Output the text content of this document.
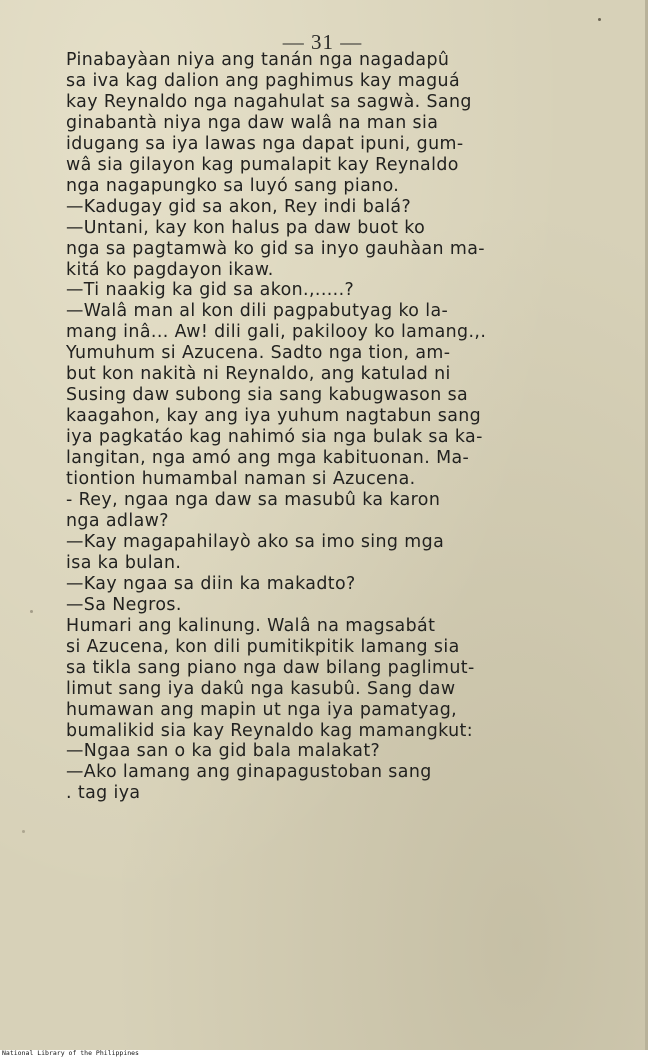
— 31 —
Pinabayàan niya ang tanán nga nagadapû
sa iva kag dalion ang paghimus kay maguá
kay Reynaldo nga nagahulat sa sagwà. Sang
ginabantà niya nga daw walâ na man sia
idugang sa iya lawas nga dapat ipuni, gum-
wâ sia gilayon kag pumalapit kay Reynaldo
nga nagapungko sa luyó sang piano.
—Kadugay gid sa akon, Rey indi balá?
—Untani, kay kon halus pa daw buot ko
nga sa pagtamwà ko gid sa inyo gauhàan ma-
kitá ko pagdayon ikaw.
—Ti naakig ka gid sa akon.,.....?
—Walâ man al kon dili pagpabutyag ko la-
mang inâ... Aw! dili gali, pakilooy ko lamang.,.
Yumuhum si Azucena. Sadto nga tion, am-
but kon nakità ni Reynaldo, ang katulad ni
Susing daw subong sia sang kabugwason sa
kaagahon, kay ang iya yuhum nagtabun sang
iya pagkatáo kag nahimó sia nga bulak sa ka-
langitan, nga amó ang mga kabituonan. Ma-
tiontion humambal naman si Azucena.
- Rey, ngaa nga daw sa masubû ka karon
nga adlaw?
—Kay magapahilayò ako sa imo sing mga
isa ka bulan.
—Kay ngaa sa diin ka makadto?
—Sa Negros.
Humari ang kalinung. Walâ na magsabát
si Azucena, kon dili pumitikpitik lamang sia
sa tikla sang piano nga daw bilang paglimut-
limut sang iya dakû nga kasubû. Sang daw
humawan ang mapin ut nga iya pamatyag,
bumalikid sia kay Reynaldo kag mamangkut:
—Ngaa san o ka gid bala malakat?
—Ako lamang ang ginapagustoban sang
. tag iya
National Library of the Philippines
